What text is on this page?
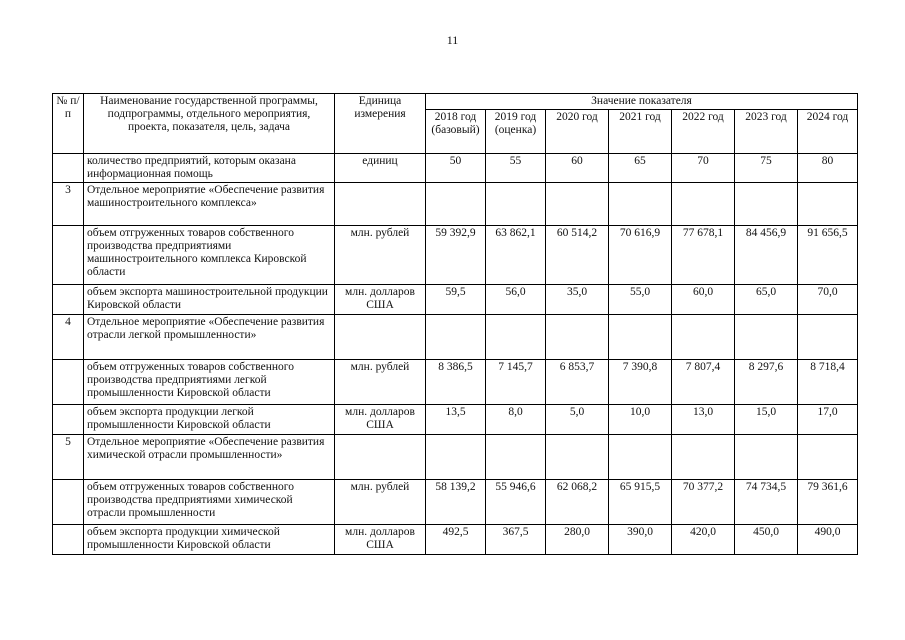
11
№ п/п	Наименование государственной программы, подпрограммы, отдельного мероприятия, проекта, показателя, цель, задача	Единица измерения	Значение показателя						
			2018 год (базовый)	2019 год (оценка)	2020 год	2021 год	2022 год	2023 год	2024 год
	количество предприятий, которым оказана информационная помощь	единиц	50	55	60	65	70	75	80
3	Отдельное мероприятие «Обеспечение развития машиностроительного комплекса»								
	объем отгруженных товаров собственного производства предприятиями машиностроительного комплекса Кировской области	млн. рублей	59 392,9	63 862,1	60 514,2	70 616,9	77 678,1	84 456,9	91 656,5
	объем экспорта машиностроительной продукции Кировской области	млн. долларов США	59,5	56,0	35,0	55,0	60,0	65,0	70,0
4	Отдельное мероприятие «Обеспечение развития отрасли легкой промышленности»								
	объем отгруженных товаров собственного производства предприятиями легкой промышленности Кировской области	млн. рублей	8 386,5	7 145,7	6 853,7	7 390,8	7 807,4	8 297,6	8 718,4
	объем экспорта продукции легкой промышленности Кировской области	млн. долларов США	13,5	8,0	5,0	10,0	13,0	15,0	17,0
5	Отдельное мероприятие «Обеспечение развития химической отрасли промышленности»								
	объем отгруженных товаров собственного производства предприятиями химической отрасли промышленности	млн. рублей	58 139,2	55 946,6	62 068,2	65 915,5	70 377,2	74 734,5	79 361,6
	объем экспорта продукции химической промышленности Кировской области	млн. долларов США	492,5	367,5	280,0	390,0	420,0	450,0	490,0
